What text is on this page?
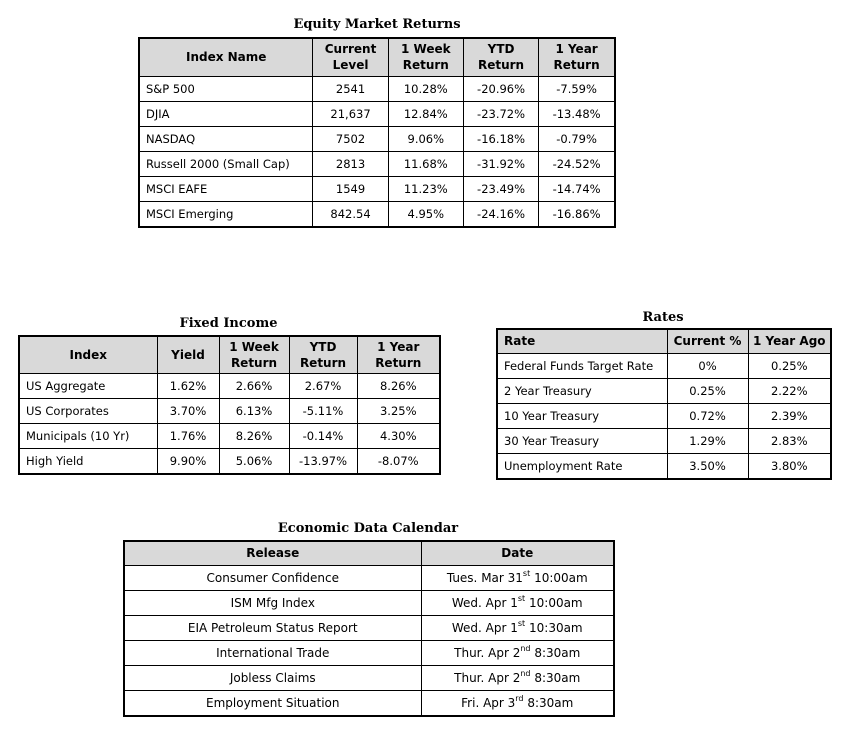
Equity Market Returns
Index Name	Current Level	1 Week Return	YTD Return	1 Year Return
S&P 500	2541	10.28%	-20.96%	-7.59%
DJIA	21,637	12.84%	-23.72%	-13.48%
NASDAQ	7502	9.06%	-16.18%	-0.79%
Russell 2000 (Small Cap)	2813	11.68%	-31.92%	-24.52%
MSCI EAFE	1549	11.23%	-23.49%	-14.74%
MSCI Emerging	842.54	4.95%	-24.16%	-16.86%
Fixed Income
Index	Yield	1 Week Return	YTD Return	1 Year Return
US Aggregate	1.62%	2.66%	2.67%	8.26%
US Corporates	3.70%	6.13%	-5.11%	3.25%
Municipals (10 Yr)	1.76%	8.26%	-0.14%	4.30%
High Yield	9.90%	5.06%	-13.97%	-8.07%
Rates
Rate	Current %	1 Year Ago
Federal Funds Target Rate	0%	0.25%
2 Year Treasury	0.25%	2.22%
10 Year Treasury	0.72%	2.39%
30 Year Treasury	1.29%	2.83%
Unemployment Rate	3.50%	3.80%
Economic Data Calendar
Release	Date
Consumer Confidence	Tues. Mar 31st 10:00am
ISM Mfg Index	Wed. Apr 1st 10:00am
EIA Petroleum Status Report	Wed. Apr 1st 10:30am
International Trade	Thur. Apr 2nd 8:30am
Jobless Claims	Thur. Apr 2nd 8:30am
Employment Situation	Fri. Apr 3rd 8:30am
